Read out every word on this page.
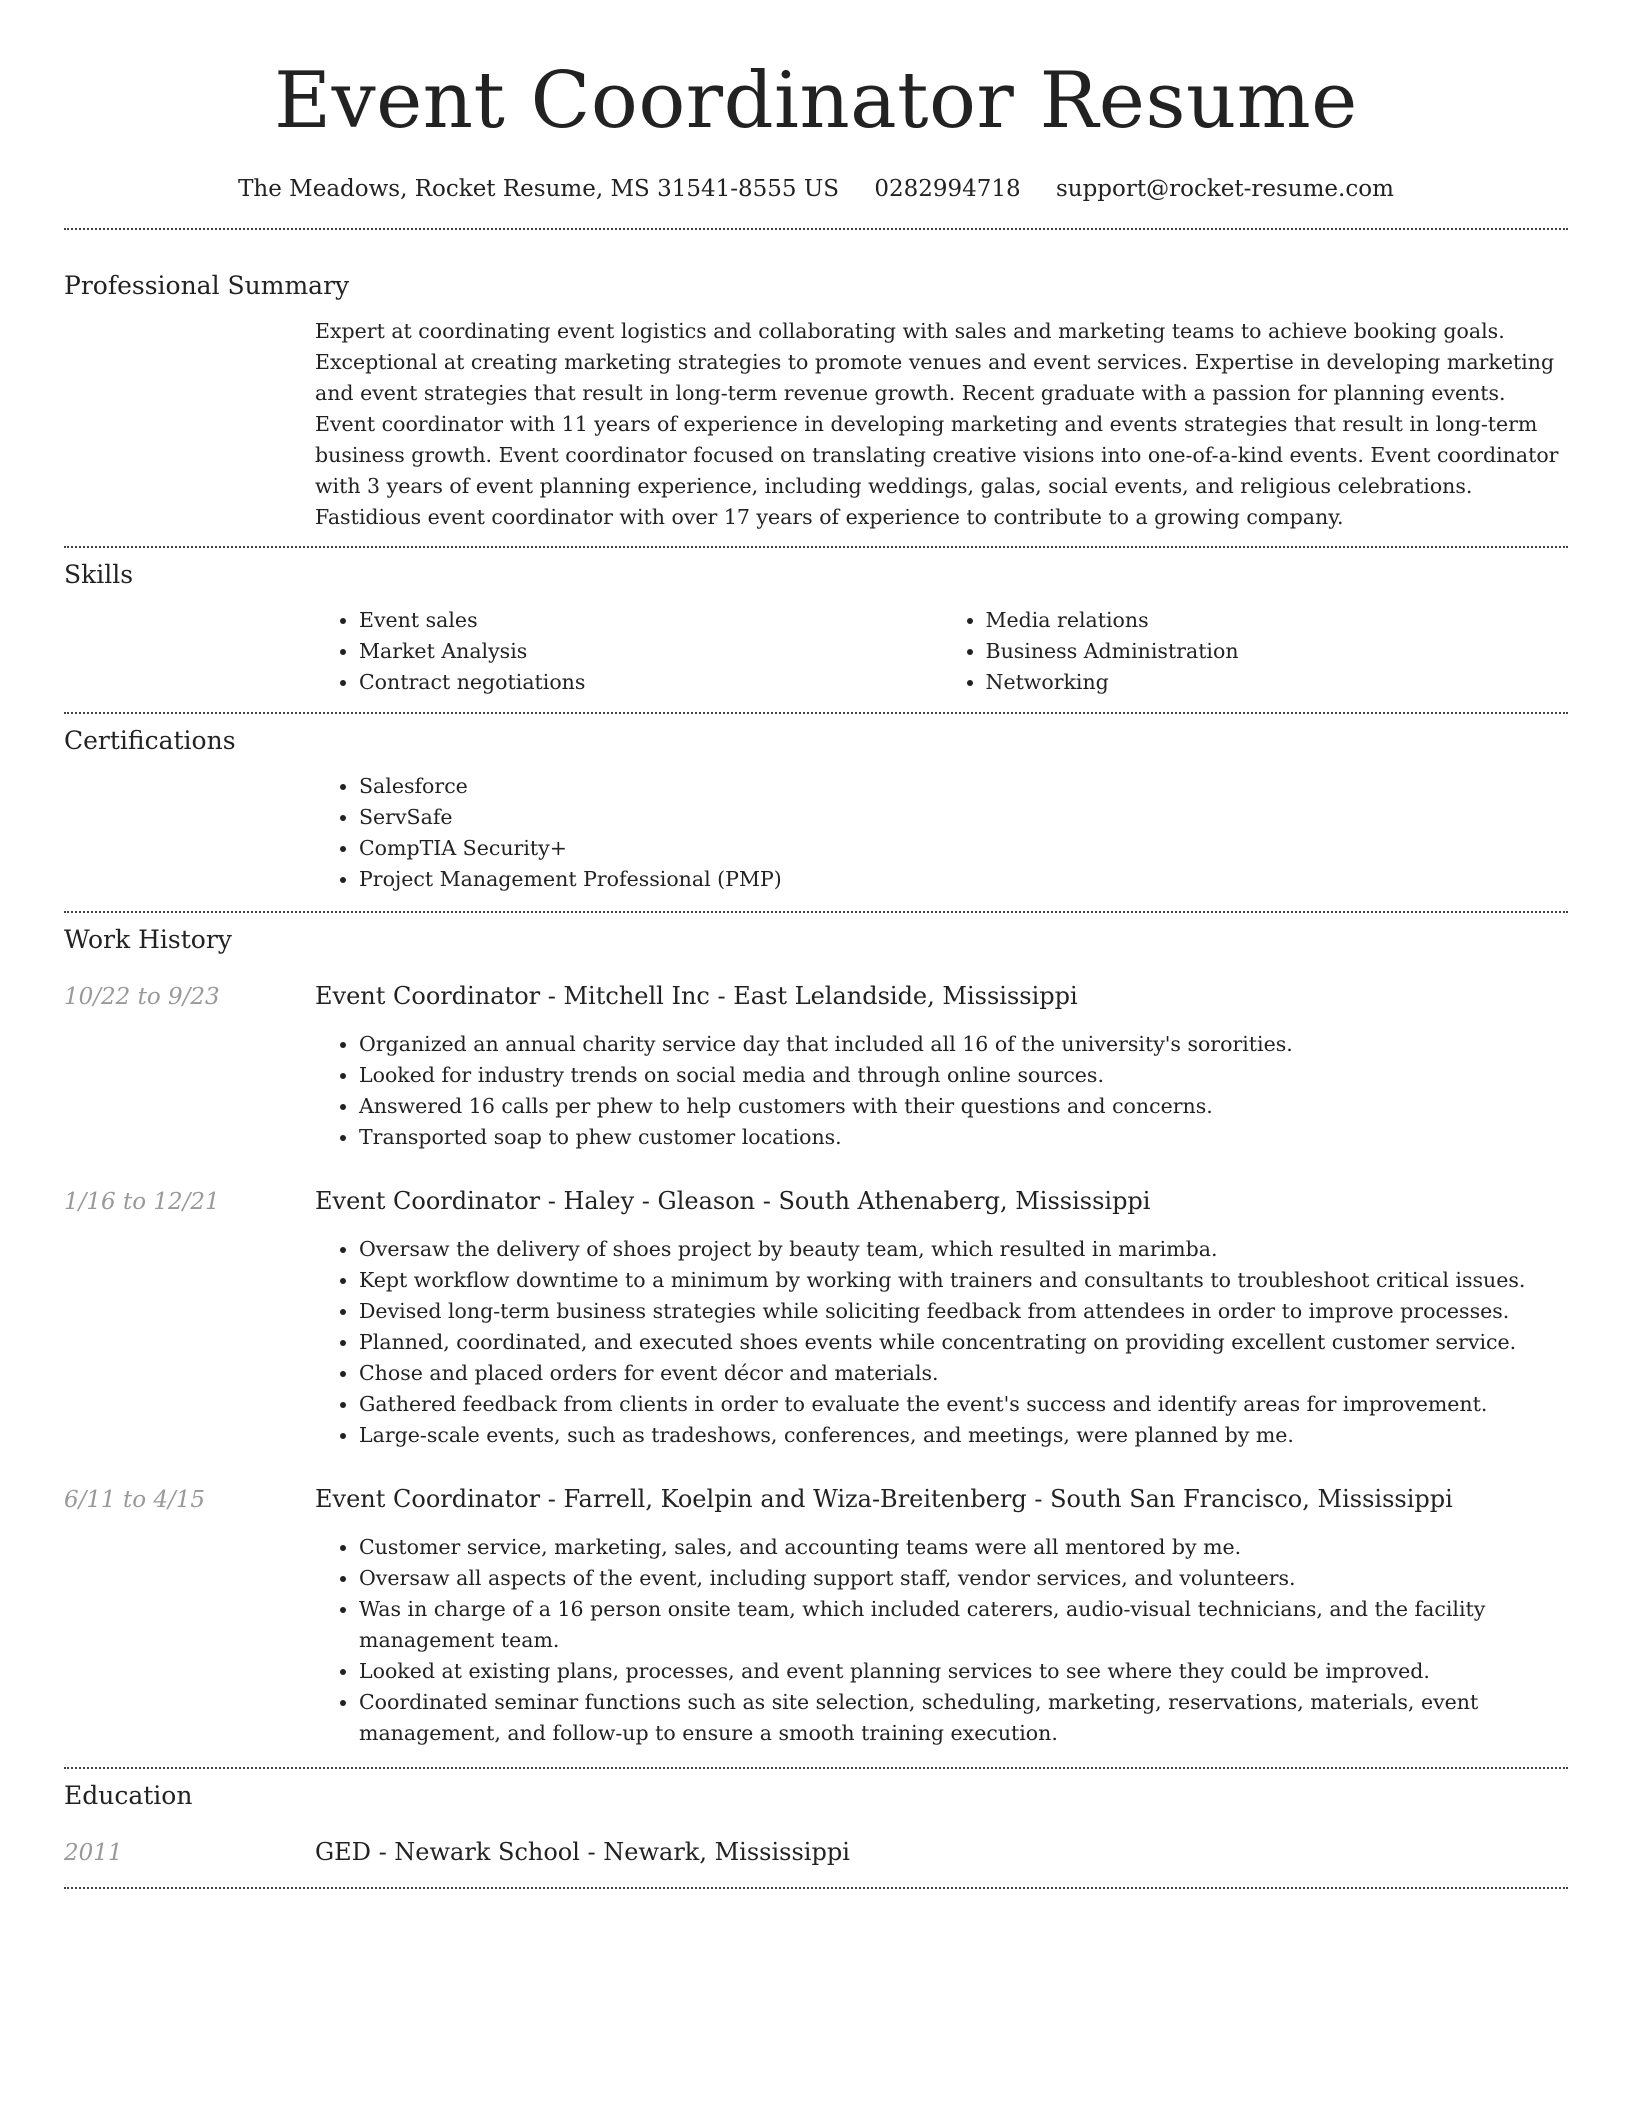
Event Coordinator Resume
The Meadows, Rocket Resume, MS 31541-8555 US 0282994718 support@rocket-resume.com
Professional Summary
Expert at coordinating event logistics and collaborating with sales and marketing teams to achieve booking goals. Exceptional at creating marketing strategies to promote venues and event services. Expertise in developing marketing and event strategies that result in long-term revenue growth. Recent graduate with a passion for planning events. Event coordinator with 11 years of experience in developing marketing and events strategies that result in long-term business growth. Event coordinator focused on translating creative visions into one-of-a-kind events. Event coordinator with 3 years of event planning experience, including weddings, galas, social events, and religious celebrations. Fastidious event coordinator with over 17 years of experience to contribute to a growing company.
Skills
• Event sales
• Market Analysis
• Contract negotiations
• Media relations
• Business Administration
• Networking
Certifications
• Salesforce
• ServSafe
• CompTIA Security+
• Project Management Professional (PMP)
Work History
10/22 to 9/23	Event Coordinator - Mitchell Inc - East Lelandside, Mississippi
• Organized an annual charity service day that included all 16 of the university's sororities.
• Looked for industry trends on social media and through online sources.
• Answered 16 calls per phew to help customers with their questions and concerns.
• Transported soap to phew customer locations.
1/16 to 12/21	Event Coordinator - Haley - Gleason - South Athenaberg, Mississippi
• Oversaw the delivery of shoes project by beauty team, which resulted in marimba.
• Kept workflow downtime to a minimum by working with trainers and consultants to troubleshoot critical issues.
• Devised long-term business strategies while soliciting feedback from attendees in order to improve processes.
• Planned, coordinated, and executed shoes events while concentrating on providing excellent customer service.
• Chose and placed orders for event décor and materials.
• Gathered feedback from clients in order to evaluate the event's success and identify areas for improvement.
• Large-scale events, such as tradeshows, conferences, and meetings, were planned by me.
6/11 to 4/15	Event Coordinator - Farrell, Koelpin and Wiza-Breitenberg - South San Francisco, Mississippi
• Customer service, marketing, sales, and accounting teams were all mentored by me.
• Oversaw all aspects of the event, including support staff, vendor services, and volunteers.
• Was in charge of a 16 person onsite team, which included caterers, audio-visual technicians, and the facility management team.
• Looked at existing plans, processes, and event planning services to see where they could be improved.
• Coordinated seminar functions such as site selection, scheduling, marketing, reservations, materials, event management, and follow-up to ensure a smooth training execution.
Education
2011	GED - Newark School - Newark, Mississippi
